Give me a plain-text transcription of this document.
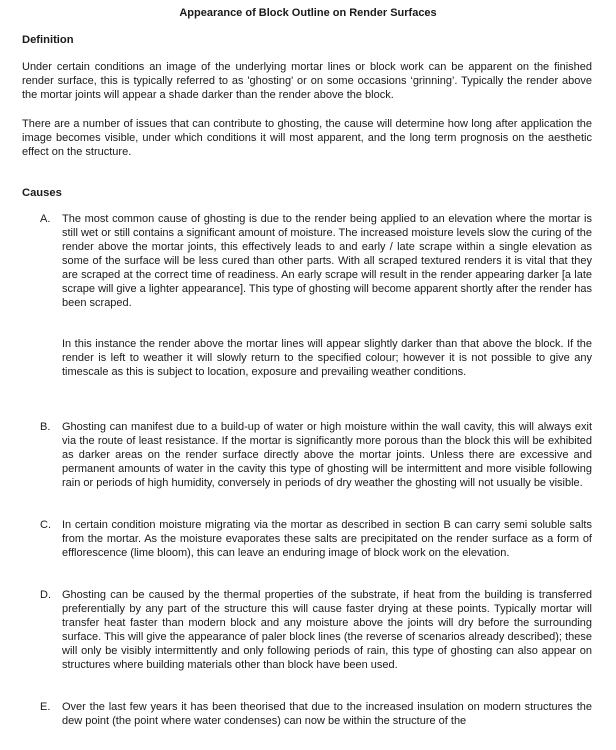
Appearance of Block Outline on Render Surfaces
Definition

Under certain conditions an image of the underlying mortar lines or block work can be apparent on the finished render surface, this is typically referred to as 'ghosting' or on some occasions ‘grinning’. Typically the render above the mortar joints will appear a shade darker than the render above the block.

There are a number of issues that can contribute to ghosting, the cause will determine how long after application the image becomes visible, under which conditions it will most apparent, and the long term prognosis on the aesthetic effect on the structure.

Causes
A.	The most common cause of ghosting is due to the render being applied to an elevation where the mortar is still wet or still contains a significant amount of moisture. The increased moisture levels slow the curing of the render above the mortar joints, this effectively leads to and early / late scrape within a single elevation as some of the surface will be less cured than other parts. With all scraped textured renders it is vital that they are scraped at the correct time of readiness. An early scrape will result in the render appearing darker [a late scrape will give a lighter appearance]. This type of ghosting will become apparent shortly after the render has been scraped.

In this instance the render above the mortar lines will appear slightly darker than that above the block. If the render is left to weather it will slowly return to the specified colour; however it is not possible to give any timescale as this is subject to location, exposure and prevailing weather conditions.

B.	Ghosting can manifest due to a build-up of water or high moisture within the wall cavity, this will always exit via the route of least resistance. If the mortar is significantly more porous than the block this will be exhibited as darker areas on the render surface directly above the mortar joints. Unless there are excessive and permanent amounts of water in the cavity this type of ghosting will be intermittent and more visible following rain or periods of high humidity, conversely in periods of dry weather the ghosting will not usually be visible.

C.	In certain condition moisture migrating via the mortar as described in section B can carry semi soluble salts from the mortar. As the moisture evaporates these salts are precipitated on the render surface as a form of efflorescence (lime bloom), this can leave an enduring image of block work on the elevation.

D.	Ghosting can be caused by the thermal properties of the substrate, if heat from the building is transferred preferentially by any part of the structure this will cause faster drying at these points. Typically mortar will transfer heat faster than modern block and any moisture above the joints will dry before the surrounding surface. This will give the appearance of paler block lines (the reverse of scenarios already described); these will only be visibly intermittently and only following periods of rain, this type of ghosting can also appear on structures where building materials other than block have been used.

E.	Over the last few years it has been theorised that due to the increased insulation on modern structures the dew point (the point where water condenses) can now be within the structure of the
